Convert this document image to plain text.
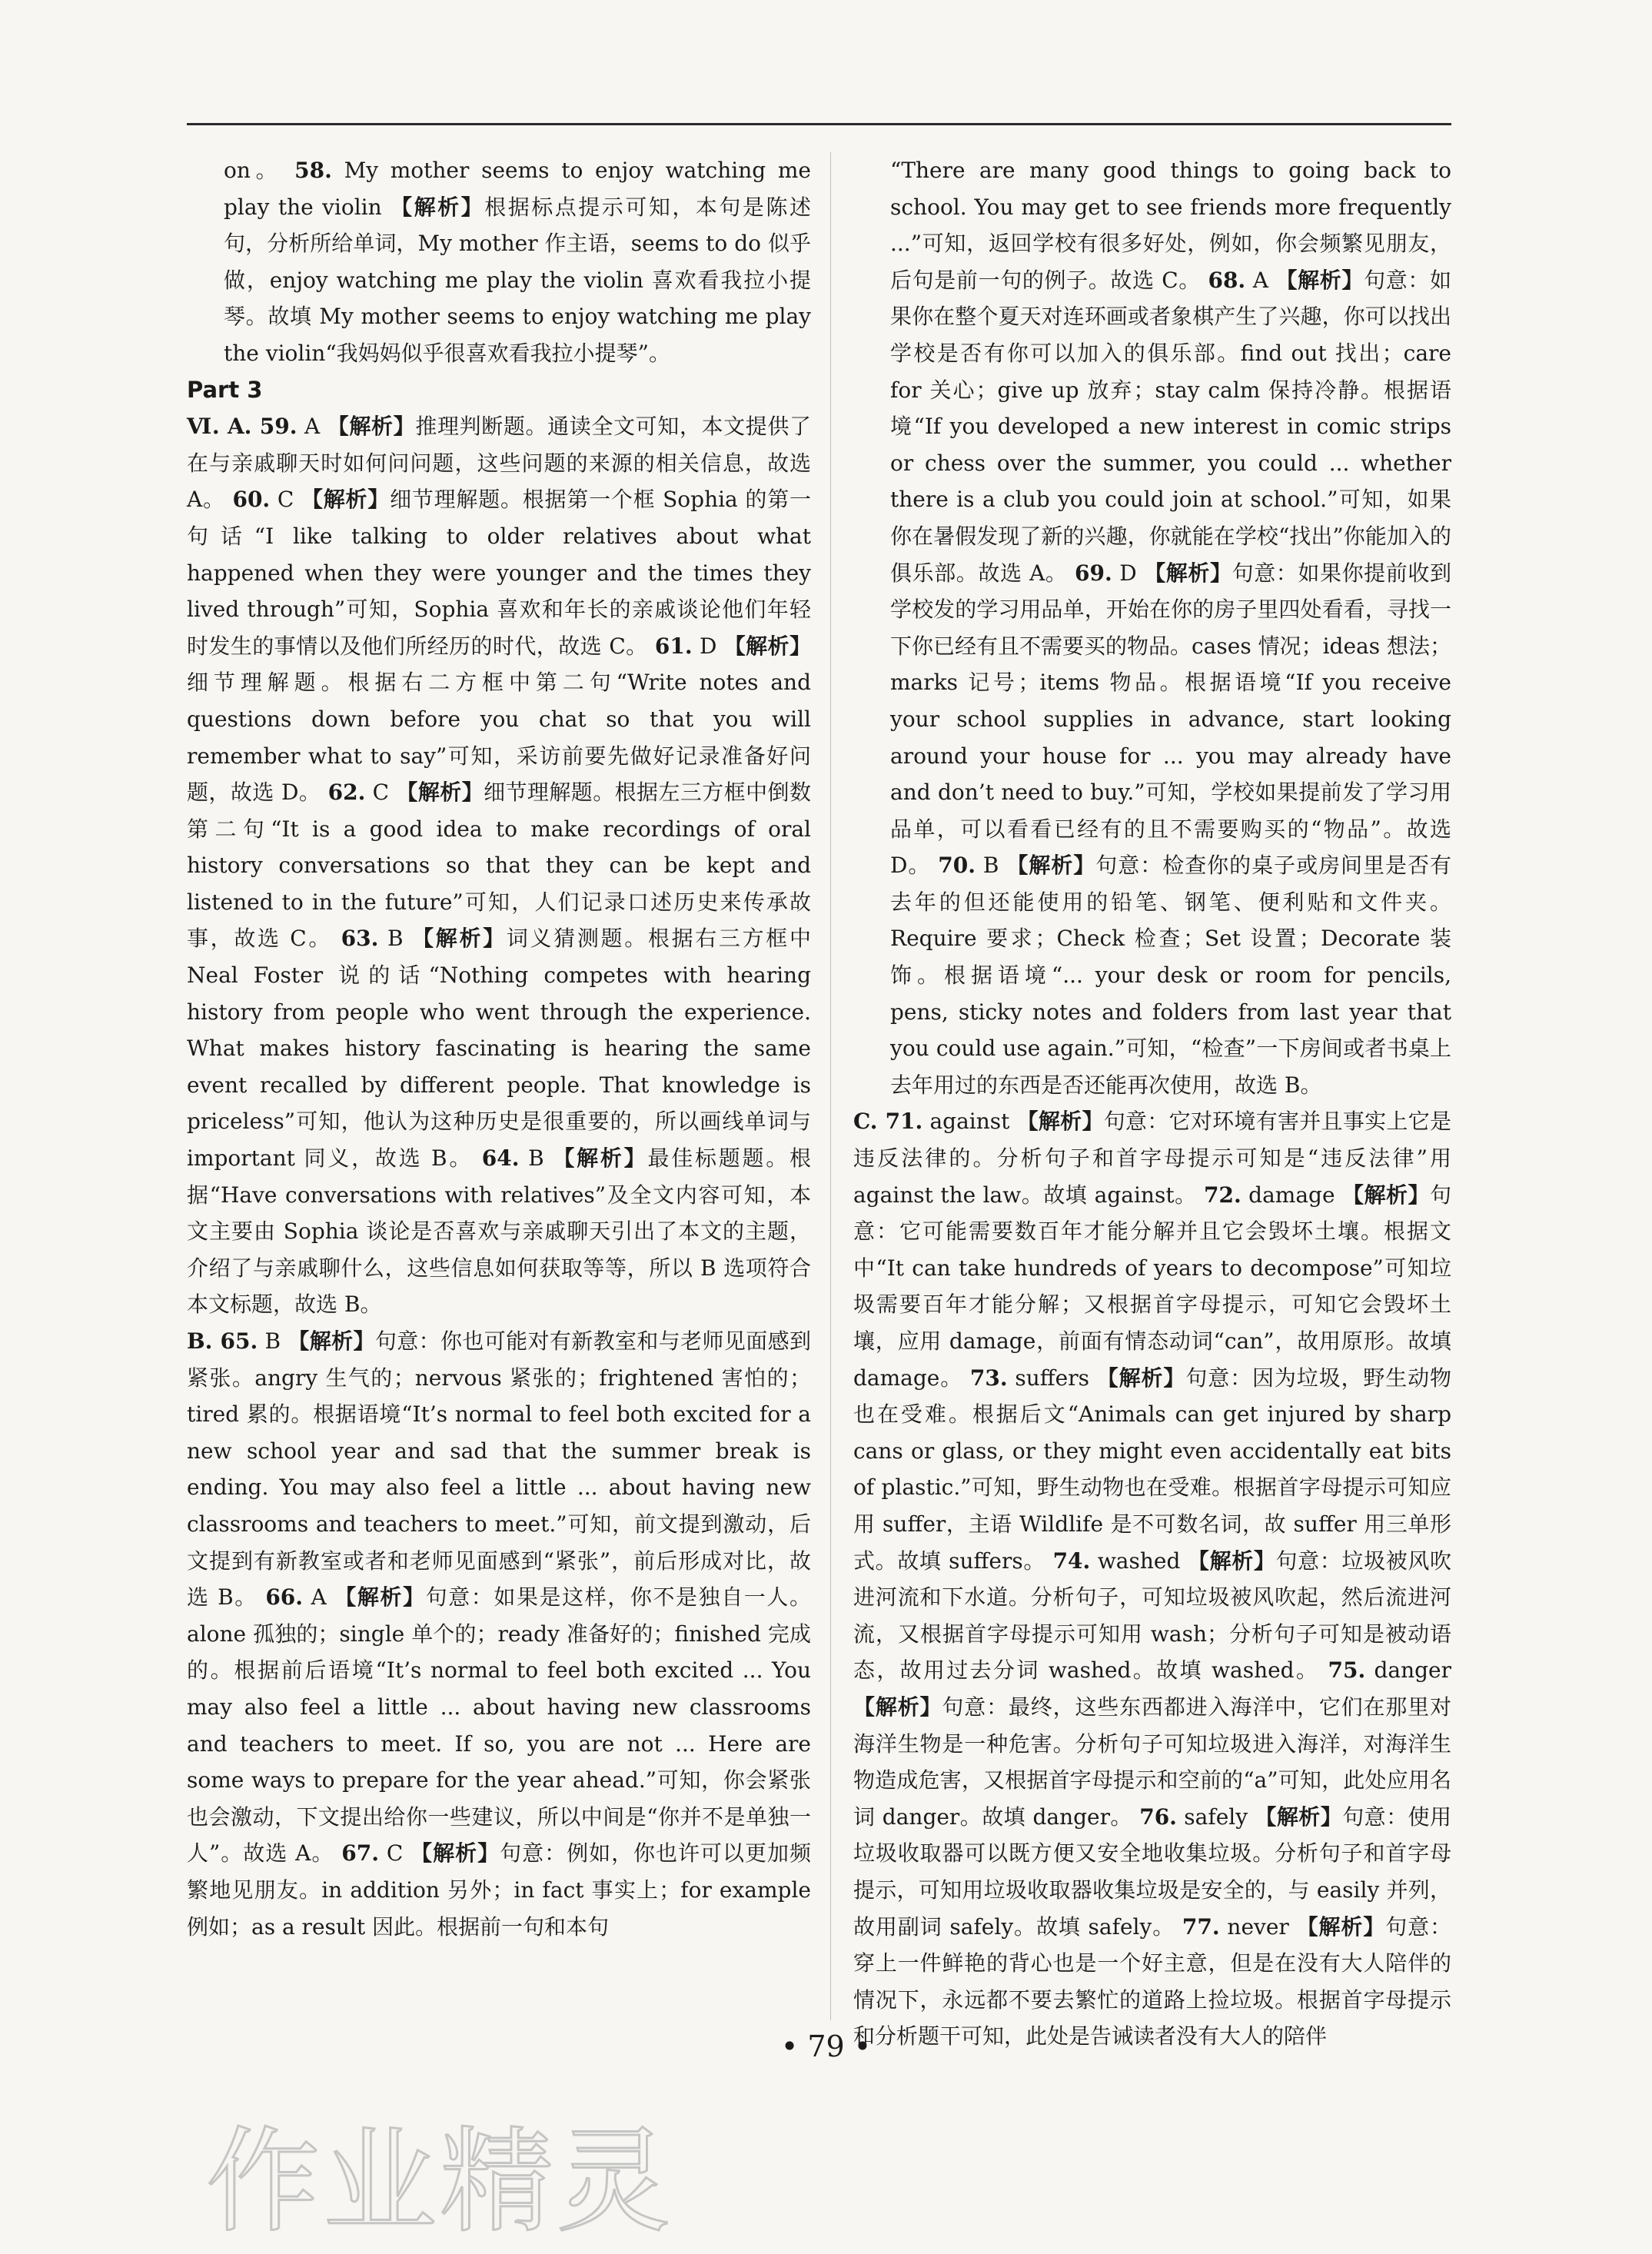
on。 58. My mother seems to enjoy watching me play the violin 【解析】根据标点提示可知，本句是陈述句，分析所给单词，My mother 作主语，seems to do 似乎做，enjoy watching me play the violin 喜欢看我拉小提琴。故填 My mother seems to enjoy watching me play the violin“我妈妈似乎很喜欢看我拉小提琴”。

Part 3

Ⅵ. A. 59. A 【解析】推理判断题。通读全文可知，本文提供了在与亲戚聊天时如何问问题，这些问题的来源的相关信息，故选 A。 60. C 【解析】细节理解题。根据第一个框 Sophia 的第一句话“I like talking to older relatives about what happened when they were younger and the times they lived through”可知，Sophia 喜欢和年长的亲戚谈论他们年轻时发生的事情以及他们所经历的时代，故选 C。 61. D 【解析】细节理解题。根据右二方框中第二句“Write notes and questions down before you chat so that you will remember what to say”可知，采访前要先做好记录准备好问题，故选 D。 62. C 【解析】细节理解题。根据左三方框中倒数第二句“It is a good idea to make recordings of oral history conversations so that they can be kept and listened to in the future”可知，人们记录口述历史来传承故事，故选 C。 63. B 【解析】词义猜测题。根据右三方框中 Neal Foster 说的话“Nothing competes with hearing history from people who went through the experience. What makes history fascinating is hearing the same event recalled by different people. That knowledge is priceless”可知，他认为这种历史是很重要的，所以画线单词与 important 同义，故选 B。 64. B 【解析】最佳标题题。根据“Have conversations with relatives”及全文内容可知，本文主要由 Sophia 谈论是否喜欢与亲戚聊天引出了本文的主题，介绍了与亲戚聊什么，这些信息如何获取等等，所以 B 选项符合本文标题，故选 B。

B. 65. B 【解析】句意：你也可能对有新教室和与老师见面感到紧张。angry 生气的；nervous 紧张的；frightened 害怕的；tired 累的。根据语境“It’s normal to feel both excited for a new school year and sad that the summer break is ending. You may also feel a little ... about having new classrooms and teachers to meet.”可知，前文提到激动，后文提到有新教室或者和老师见面感到“紧张”，前后形成对比，故选 B。 66. A 【解析】句意：如果是这样，你不是独自一人。alone 孤独的；single 单个的；ready 准备好的；finished 完成的。根据前后语境“It’s normal to feel both excited ... You may also feel a little ... about having new classrooms and teachers to meet. If so, you are not ... Here are some ways to prepare for the year ahead.”可知，你会紧张也会激动，下文提出给你一些建议，所以中间是“你并不是单独一人”。故选 A。 67. C 【解析】句意：例如，你也许可以更加频繁地见朋友。in addition 另外；in fact 事实上；for example 例如；as a result 因此。根据前一句和本句

“There are many good things to going back to school. You may get to see friends more frequently ...”可知，返回学校有很多好处，例如，你会频繁见朋友，后句是前一句的例子。故选 C。 68. A 【解析】句意：如果你在整个夏天对连环画或者象棋产生了兴趣，你可以找出学校是否有你可以加入的俱乐部。find out 找出；care for 关心；give up 放弃；stay calm 保持冷静。根据语境“If you developed a new interest in comic strips or chess over the summer, you could ... whether there is a club you could join at school.”可知，如果你在暑假发现了新的兴趣，你就能在学校“找出”你能加入的俱乐部。故选 A。 69. D 【解析】句意：如果你提前收到学校发的学习用品单，开始在你的房子里四处看看，寻找一下你已经有且不需要买的物品。cases 情况；ideas 想法；marks 记号；items 物品。根据语境“If you receive your school supplies in advance, start looking around your house for ... you may already have and don’t need to buy.”可知，学校如果提前发了学习用品单，可以看看已经有的且不需要购买的“物品”。故选 D。 70. B 【解析】句意：检查你的桌子或房间里是否有去年的但还能使用的铅笔、钢笔、便利贴和文件夹。Require 要求；Check 检查；Set 设置；Decorate 装饰。根据语境“... your desk or room for pencils, pens, sticky notes and folders from last year that you could use again.”可知，“检查”一下房间或者书桌上去年用过的东西是否还能再次使用，故选 B。

C. 71. against 【解析】句意：它对环境有害并且事实上它是违反法律的。分析句子和首字母提示可知是“违反法律”用 against the law。故填 against。 72. damage 【解析】句意：它可能需要数百年才能分解并且它会毁坏土壤。根据文中“It can take hundreds of years to decompose”可知垃圾需要百年才能分解；又根据首字母提示，可知它会毁坏土壤，应用 damage，前面有情态动词“can”，故用原形。故填 damage。 73. suffers 【解析】句意：因为垃圾，野生动物也在受难。根据后文“Animals can get injured by sharp cans or glass, or they might even accidentally eat bits of plastic.”可知，野生动物也在受难。根据首字母提示可知应用 suffer，主语 Wildlife 是不可数名词，故 suffer 用三单形式。故填 suffers。 74. washed 【解析】句意：垃圾被风吹进河流和下水道。分析句子，可知垃圾被风吹起，然后流进河流，又根据首字母提示可知用 wash；分析句子可知是被动语态，故用过去分词 washed。故填 washed。 75. danger 【解析】句意：最终，这些东西都进入海洋中，它们在那里对海洋生物是一种危害。分析句子可知垃圾进入海洋，对海洋生物造成危害，又根据首字母提示和空前的“a”可知，此处应用名词 danger。故填 danger。 76. safely 【解析】句意：使用垃圾收取器可以既方便又安全地收集垃圾。分析句子和首字母提示，可知用垃圾收取器收集垃圾是安全的，与 easily 并列，故用副词 safely。故填 safely。 77. never 【解析】句意：穿上一件鲜艳的背心也是一个好主意，但是在没有大人陪伴的情况下，永远都不要去繁忙的道路上捡垃圾。根据首字母提示和分析题干可知，此处是告诫读者没有大人的陪伴

• 79 •
作业精灵
